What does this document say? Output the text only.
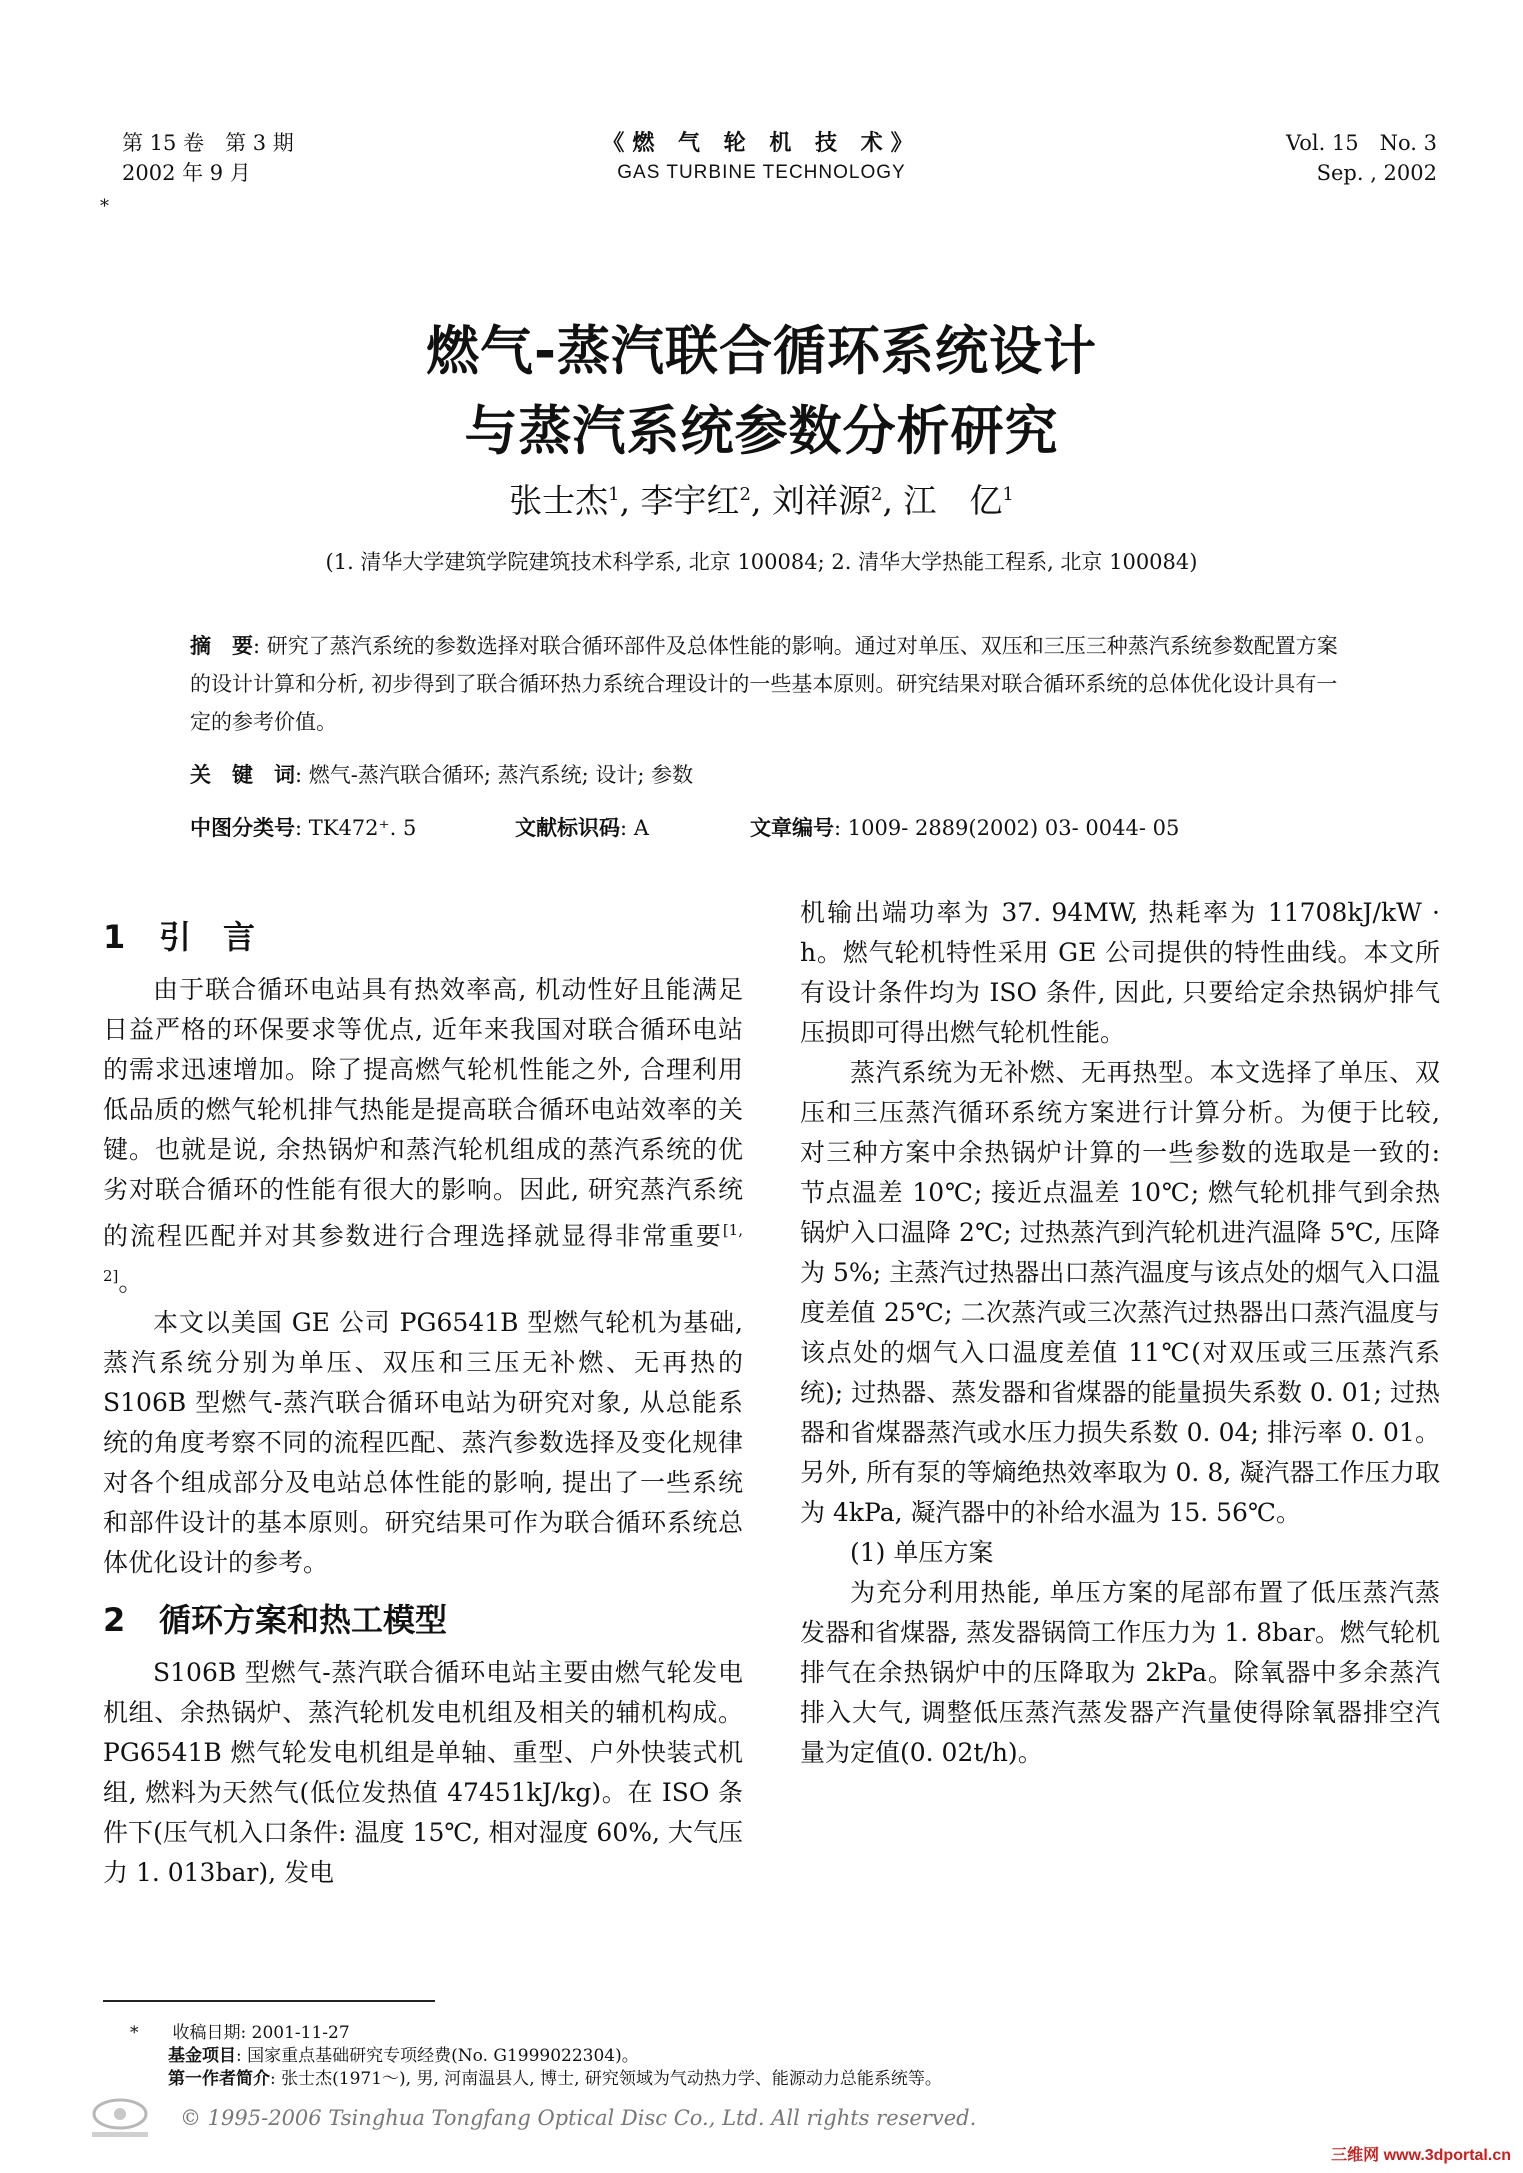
第 15 卷　第 3 期
2002 年 9 月
《燃 气 轮 机 技 术》
GAS TURBINE TECHNOLOGY
Vol. 15　No. 3
Sep. , 2002
*
燃气-蒸汽联合循环系统设计
与蒸汽系统参数分析研究
张士杰$^1$, 李宇红$^2$, 刘祥源$^2$, 江　亿$^1$
(1. 清华大学建筑学院建筑技术科学系, 北京 100084; 2. 清华大学热能工程系, 北京 100084)
摘　要: 研究了蒸汽系统的参数选择对联合循环部件及总体性能的影响。通过对单压、双压和三压三种蒸汽系统参数配置方案的设计计算和分析, 初步得到了联合循环热力系统合理设计的一些基本原则。研究结果对联合循环系统的总体优化设计具有一定的参考价值。
关　键　词: 燃气-蒸汽联合循环; 蒸汽系统; 设计; 参数
中图分类号: TK472⁺. 5	文献标识码: A	文章编号: 1009- 2889(2002) 03- 0044- 05
1 引　言

由于联合循环电站具有热效率高, 机动性好且能满足日益严格的环保要求等优点, 近年来我国对联合循环电站的需求迅速增加。除了提高燃气轮机性能之外, 合理利用低品质的燃气轮机排气热能是提高联合循环电站效率的关键。也就是说, 余热锅炉和蒸汽轮机组成的蒸汽系统的优劣对联合循环的性能有很大的影响。因此, 研究蒸汽系统的流程匹配并对其参数进行合理选择就显得非常重要[1, 2]。

本文以美国 GE 公司 PG6541B 型燃气轮机为基础, 蒸汽系统分别为单压、双压和三压无补燃、无再热的 S106B 型燃气-蒸汽联合循环电站为研究对象, 从总能系统的角度考察不同的流程匹配、蒸汽参数选择及变化规律对各个组成部分及电站总体性能的影响, 提出了一些系统和部件设计的基本原则。研究结果可作为联合循环系统总体优化设计的参考。

2 循环方案和热工模型

S106B 型燃气-蒸汽联合循环电站主要由燃气轮发电机组、余热锅炉、蒸汽轮机发电机组及相关的辅机构成。PG6541B 燃气轮发电机组是单轴、重型、户外快装式机组, 燃料为天然气(低位发热值 47451kJ/kg)。在 ISO 条件下(压气机入口条件: 温度 15℃, 相对湿度 60%, 大气压力 1. 013bar), 发电

机输出端功率为 37. 94MW, 热耗率为 11708kJ/kW · h。燃气轮机特性采用 GE 公司提供的特性曲线。本文所有设计条件均为 ISO 条件, 因此, 只要给定余热锅炉排气压损即可得出燃气轮机性能。

蒸汽系统为无补燃、无再热型。本文选择了单压、双压和三压蒸汽循环系统方案进行计算分析。为便于比较, 对三种方案中余热锅炉计算的一些参数的选取是一致的: 节点温差 10℃; 接近点温差 10℃; 燃气轮机排气到余热锅炉入口温降 2℃; 过热蒸汽到汽轮机进汽温降 5℃, 压降为 5%; 主蒸汽过热器出口蒸汽温度与该点处的烟气入口温度差值 25℃; 二次蒸汽或三次蒸汽过热器出口蒸汽温度与该点处的烟气入口温度差值 11℃(对双压或三压蒸汽系统); 过热器、蒸发器和省煤器的能量损失系数 0. 01; 过热器和省煤器蒸汽或水压力损失系数 0. 04; 排污率 0. 01。另外, 所有泵的等熵绝热效率取为 0. 8, 凝汽器工作压力取为 4kPa, 凝汽器中的补给水温为 15. 56℃。

(1) 单压方案

为充分利用热能, 单压方案的尾部布置了低压蒸汽蒸发器和省煤器, 蒸发器锅筒工作压力为 1. 8bar。燃气轮机排气在余热锅炉中的压降取为 2kPa。除氧器中多余蒸汽排入大气, 调整低压蒸汽蒸发器产汽量使得除氧器排空汽量为定值(0. 02t/h)。

*　　 收稿日期: 2001-11-27
基金项目: 国家重点基础研究专项经费(No. G1999022304)。
第一作者简介: 张士杰(1971～), 男, 河南温县人, 博士, 研究领域为气动热力学、能源动力总能系统等。
© 1995-2006 Tsinghua Tongfang Optical Disc Co., Ltd. All rights reserved.
三维网 www.3dportal.cn
